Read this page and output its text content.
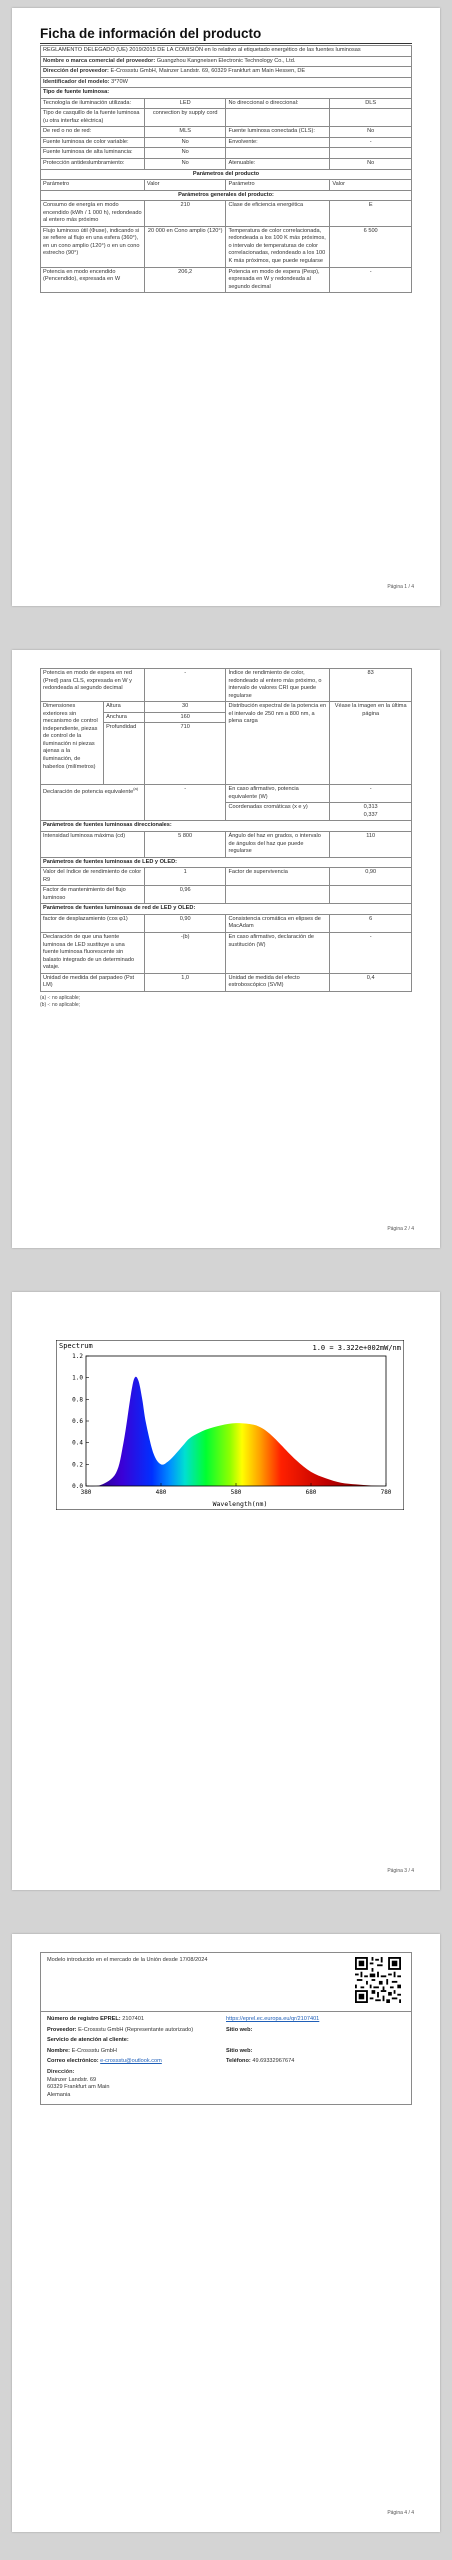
Ficha de información del producto
REGLAMENTO DELEGADO (UE) 2019/2015 DE LA COMISIÓN en lo relativo al etiquetado energético de las fuentes luminosas			
Nombre o marca comercial del proveedor: Guangzhou Kangneisen Electronic Technology Co., Ltd.			
Dirección del proveedor: E-Crossstu GmbH, Mainzer Landstr. 69, 60329 Frankfurt am Main Hessen, DE			
Identificador del modelo: 3*70W			
Tipo de fuente luminosa:			
Tecnología de iluminación utilizada:	LED	No direccional o direccional:	DLS
Tipo de casquillo de la fuente luminosa (u otra interfaz eléctrica)	connection by supply cord		
De red o no de red:	MLS	Fuente luminosa conectada (CLS):	No
Fuente luminosa de color variable:	No	Envolvente:	-
Fuente luminosa de alta luminancia:	No		
Protección antideslumbramiento:	No	Atenuable:	No
Parámetros del producto			
Parámetro	Valor	Parámetro	Valor
Parámetros generales del producto:			
Consumo de energía en modo encendido (kWh / 1 000 h), redondeado al entero más próximo	210	Clase de eficiencia energética	E
Flujo luminoso útil (Φuse), indicando si se refiere al flujo en una esfera (360°), en un cono amplio (120°) o en un cono estrecho (90°)	20 000 en Cono amplio (120°)	Temperatura de color correlacionada, redondeada a los 100 K más próximos, o intervalo de temperaturas de color correlacionadas, redondeado a los 100 K más próximos, que puede regularse	6 500
Potencia en modo encendido (Pencendido), expresada en W	206,2	Potencia en modo de espera (Pesp), expresada en W y redondeada al segundo decimal	-
Página 1 / 4
Potencia en modo de espera en red (Pred) para CLS, expresada en W y redondeada al segundo decimal		-	Índice de rendimiento de color, redondeado al entero más próximo, o intervalo de valores CRI que puede regularse	83
Dimensiones exteriores sin mecanismo de control independiente, piezas de control de la iluminación ni piezas ajenas a la iluminación, de haberlos (milímetros)	Altura	30	Distribución espectral de la potencia en el intervalo de 250 nm a 800 nm, a plena carga	Véase la imagen en la última página
	Anchura	160		
	Profundidad	710		
Declaración de potencia equivalente$^{(a)}$		-	En caso afirmativo, potencia equivalente (W)	-
			Coordenadas cromáticas (x e y)	0,313
0,337

Parámetros de fuentes luminosas direccionales:				
Intensidad luminosa máxima (cd)		5 800	Ángulo del haz en grados, o intervalo de ángulos del haz que puede regularse	110
Parámetros de fuentes luminosas de LED y OLED:				
Valor del índice de rendimiento de color R9		1	Factor de supervivencia	0,90
Factor de mantenimiento del flujo luminoso		0,96		
Parámetros de fuentes luminosas de red de LED y OLED:				
factor de desplazamiento (cos φ1)		0,90	Consistencia cromática en elipses de MacAdam	6
Declaración de que una fuente luminosa de LED sustituye a una fuente luminosa fluorescente sin balasto integrado de un determinado vataje.		-(b)	En caso afirmativo, declaración de sustitución (W)	-
Unidad de medida del parpadeo (Pst LM)		1,0	Unidad de medida del efecto estroboscópico (SVM)	0,4
(a) -: no aplicable;
(b) -: no aplicable;
Página 2 / 4
Spectrum	1.0 = 3.322e+002mW/nm
Wavelength(nm)
0.0
0.2
0.4
0.6
0.8
1.0
1.2
380	480	580	680	780
Página 3 / 4
Modelo introducido en el mercado de la Unión desde 17/08/2024
Número de registro EPREL: 2107401	https://eprel.ec.europa.eu/qr/2107401
Proveedor: E-Crossstu GmbH (Representante autorizado)	Sitio web:
Servicio de atención al cliente:
Nombre: E-Crossstu GmbH	Sitio web:
Correo electrónico: e-crossstu@outlook.com	Teléfono: 49.69332967674
Dirección:
Mainzer Landstr. 69
60329 Frankfurt am Main
Alemania
Página 4 / 4
